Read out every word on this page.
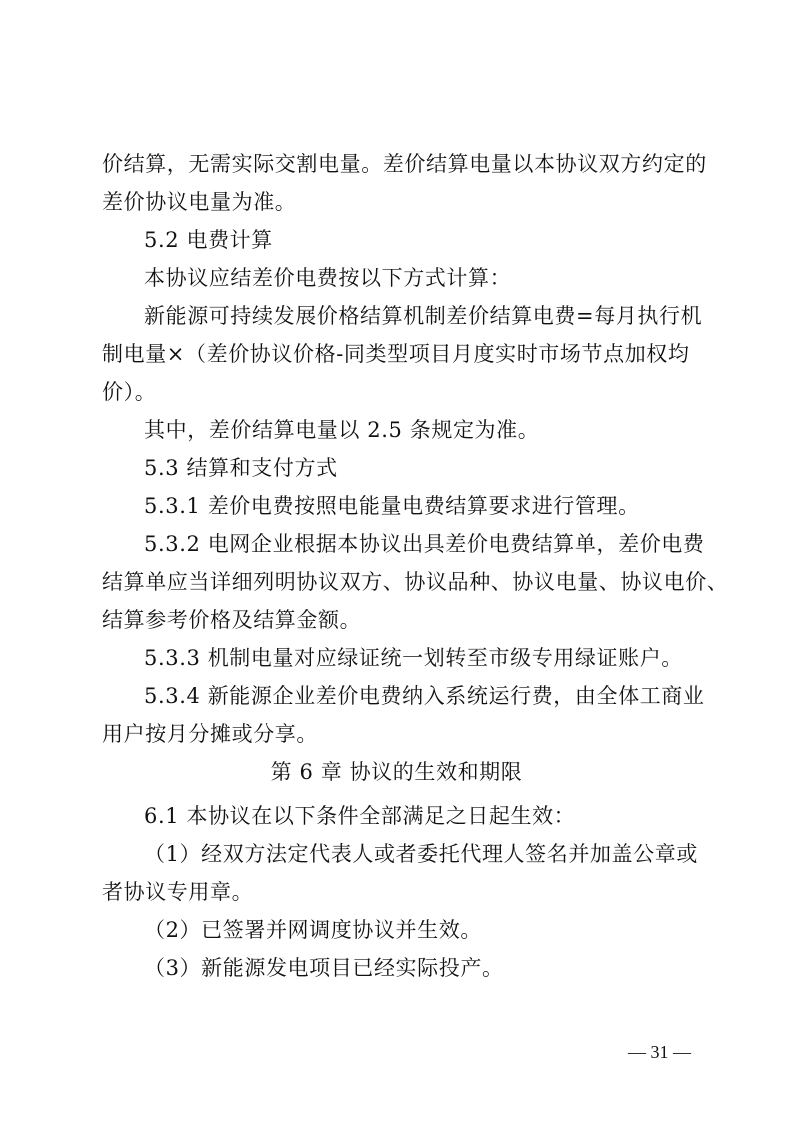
价结算，无需实际交割电量。差价结算电量以本协议双方约定的
差价协议电量为准。
5.2 电费计算
本协议应结差价电费按以下方式计算：
新能源可持续发展价格结算机制差价结算电费=每月执行机
制电量×（差价协议价格-同类型项目月度实时市场节点加权均
价）。
其中，差价结算电量以 2.5 条规定为准。
5.3 结算和支付方式
5.3.1 差价电费按照电能量电费结算要求进行管理。
5.3.2 电网企业根据本协议出具差价电费结算单，差价电费
结算单应当详细列明协议双方、协议品种、协议电量、协议电价、
结算参考价格及结算金额。
5.3.3 机制电量对应绿证统一划转至市级专用绿证账户。
5.3.4 新能源企业差价电费纳入系统运行费，由全体工商业
用户按月分摊或分享。
第 6 章 协议的生效和期限
6.1 本协议在以下条件全部满足之日起生效：
（1）经双方法定代表人或者委托代理人签名并加盖公章或
者协议专用章。
（2）已签署并网调度协议并生效。
（3）新能源发电项目已经实际投产。
— 31 —
